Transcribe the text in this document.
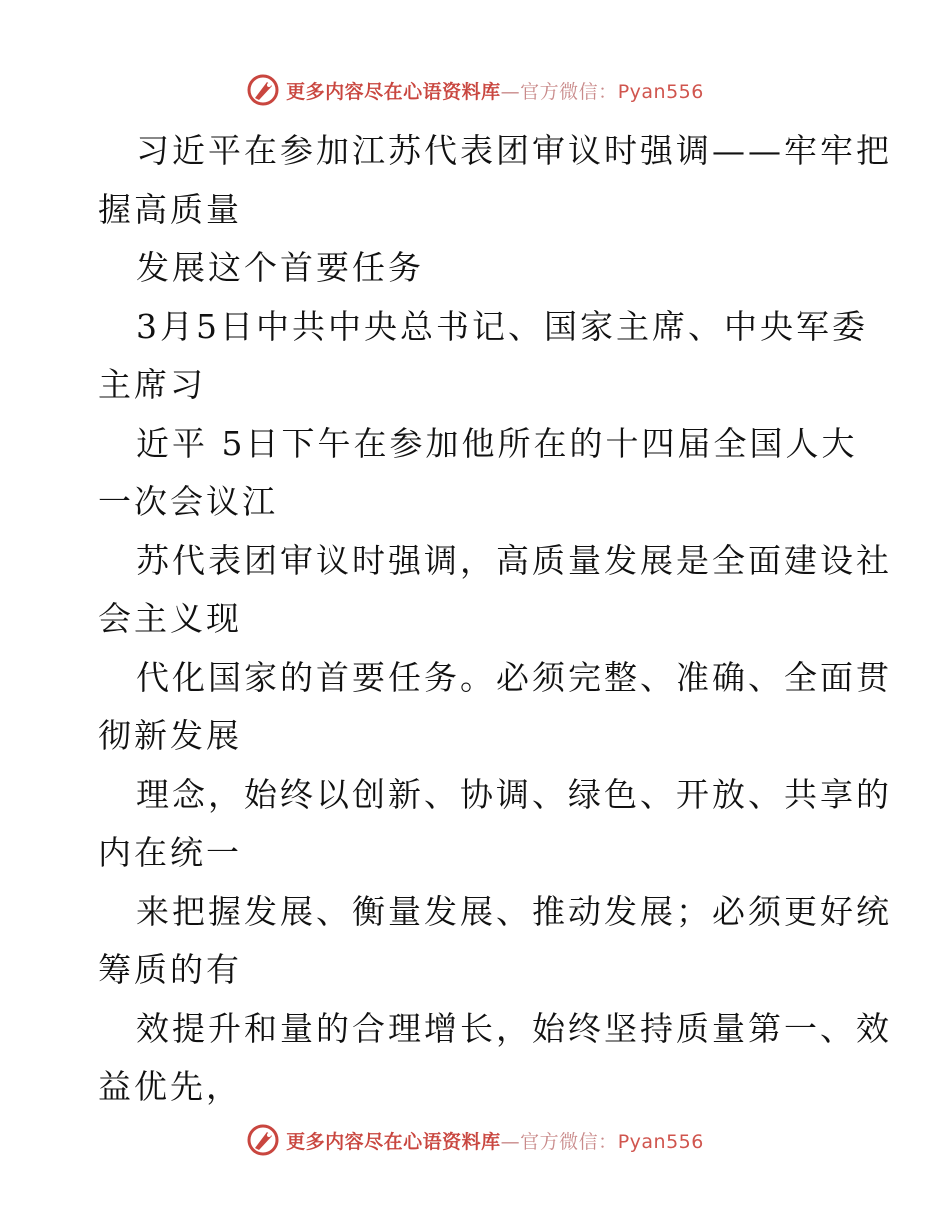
更多内容尽在心语资料库—官方微信：Pyan556
习近平在参加江苏代表团审议时强调——牢牢把
握高质量
发展这个首要任务
3月5日中共中央总书记、国家主席、中央军委
主席习
近平 5日下午在参加他所在的十四届全国人大
一次会议江
苏代表团审议时强调，高质量发展是全面建设社
会主义现
代化国家的首要任务。必须完整、准确、全面贯
彻新发展
理念，始终以创新、协调、绿色、开放、共享的
内在统一
来把握发展、衡量发展、推动发展；必须更好统
筹质的有
效提升和量的合理增长，始终坚持质量第一、效
益优先，
更多内容尽在心语资料库—官方微信：Pyan556
